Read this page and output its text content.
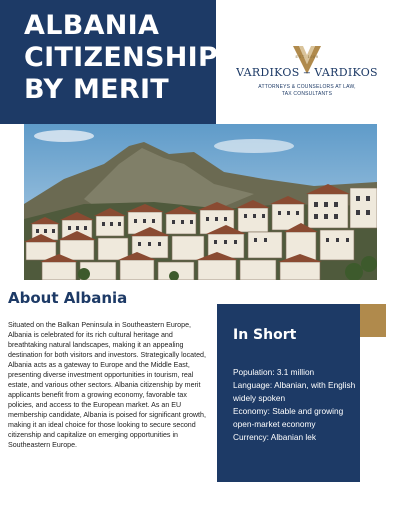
ALBANIA
CITIZENSHIP
BY MERIT
EST. 1989
VARDIKOS ‒ VARDIKOS
ATTORNEYS & COUNSELORS AT LAW,
TAX CONSULTANTS
About Albania

Situated on the Balkan Peninsula in Southeastern Europe, Albania is celebrated for its rich cultural heritage and breathtaking natural landscapes, making it an appealing destination for both visitors and investors. Strategically located, Albania acts as a gateway to Europe and the Middle East, presenting diverse investment opportunities in tourism, real estate, and various other sectors. Albania citizenship by merit applicants benefit from a growing economy, favorable tax policies, and access to the European market. As an EU membership candidate, Albania is poised for significant growth, making it an ideal choice for those looking to secure second citizenship and capitalize on emerging opportunities in Southeastern Europe.

In Short
Population: 3.1 million
Language: Albanian, with English widely spoken
Economy: Stable and growing open-market economy
Currency: Albanian lek
